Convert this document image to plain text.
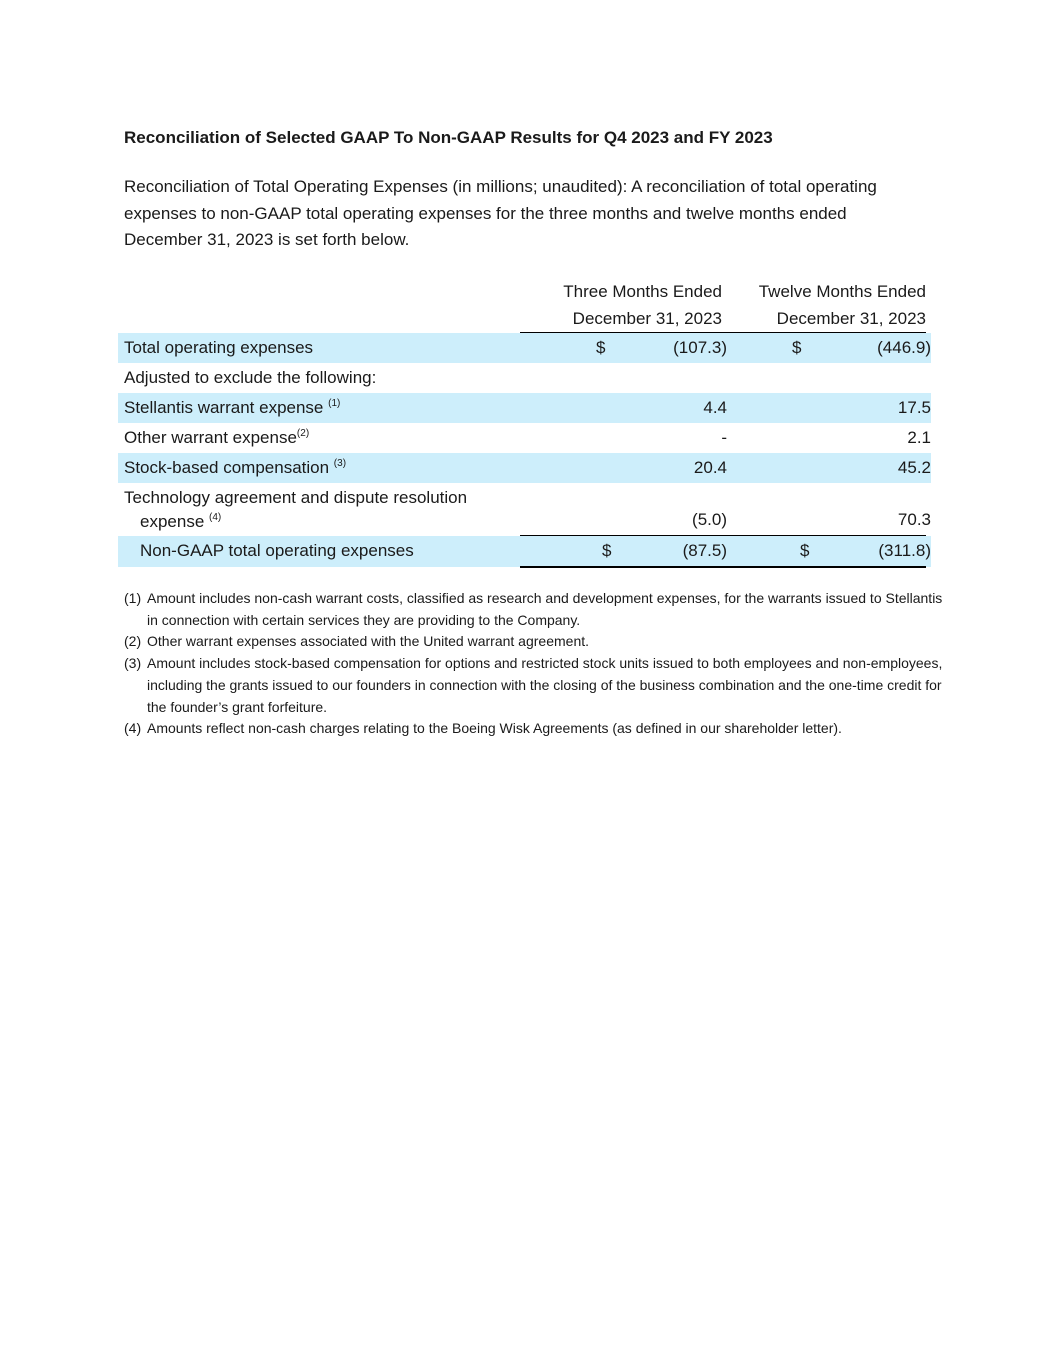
Reconciliation of Selected GAAP To Non-GAAP Results for Q4 2023 and FY 2023
Reconciliation of Total Operating Expenses (in millions; unaudited): A reconciliation of total operating expenses to non-GAAP total operating expenses for the three months and twelve months ended December 31, 2023 is set forth below.
Three Months Ended
December 31, 2023
Twelve Months Ended
December 31, 2023
Total operating expenses	$	(107.3)	$	(446.9)
Adjusted to exclude the following:
Stellantis warrant expense $^{(1)}$	4.4	17.5
Other warrant expense$^{(2)}$	-	2.1
Stock-based compensation $^{(3)}$	20.4	45.2
Technology agreement and dispute resolution
expense $^{(4)}$	(5.0)	70.3
Non-GAAP total operating expenses	$	(87.5)	$	(311.8)
(1) Amount includes non-cash warrant costs, classified as research and development expenses, for the warrants issued to Stellantis in connection with certain services they are providing to the Company.
(2) Other warrant expenses associated with the United warrant agreement.
(3) Amount includes stock-based compensation for options and restricted stock units issued to both employees and non-employees, including the grants issued to our founders in connection with the closing of the business combination and the one-time credit for the founder’s grant forfeiture.
(4) Amounts reflect non-cash charges relating to the Boeing Wisk Agreements (as defined in our shareholder letter).
